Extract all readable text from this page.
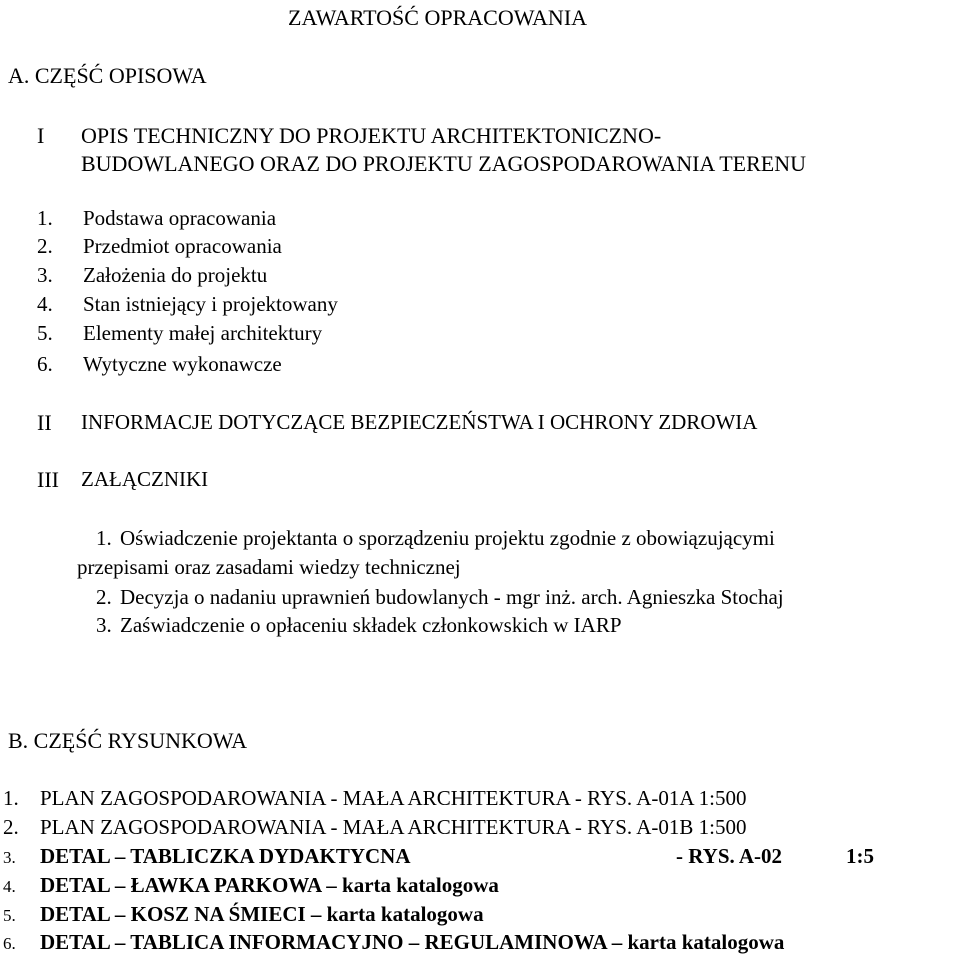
ZAWARTOŚĆ OPRACOWANIA
A. CZĘŚĆ OPISOWA
I OPIS TECHNICZNY DO PROJEKTU ARCHITEKTONICZNO-
BUDOWLANEGO ORAZ DO PROJEKTU ZAGOSPODAROWANIA TERENU
1. Podstawa opracowania
2. Przedmiot opracowania
3. Założenia do projektu
4. Stan istniejący i projektowany
5. Elementy małej architektury
6. Wytyczne wykonawcze
II INFORMACJE DOTYCZĄCE BEZPIECZEŃSTWA I OCHRONY ZDROWIA
III ZAŁĄCZNIKI
1. Oświadczenie projektanta o sporządzeniu projektu zgodnie z obowiązującymi
przepisami oraz zasadami wiedzy technicznej
2. Decyzja o nadaniu uprawnień budowlanych - mgr inż. arch. Agnieszka Stochaj
3. Zaświadczenie o opłaceniu składek członkowskich w IARP
B. CZĘŚĆ RYSUNKOWA
1. PLAN ZAGOSPODAROWANIA - MAŁA ARCHITEKTURA - RYS. A-01A 1:500
2. PLAN ZAGOSPODAROWANIA - MAŁA ARCHITEKTURA - RYS. A-01B 1:500
3. DETAL – TABLICZKA DYDAKTYCNA	- RYS. A-02	1:5
4. DETAL – ŁAWKA PARKOWA – karta katalogowa
5. DETAL – KOSZ NA ŚMIECI – karta katalogowa
6. DETAL – TABLICA INFORMACYJNO – REGULAMINOWA – karta katalogowa
